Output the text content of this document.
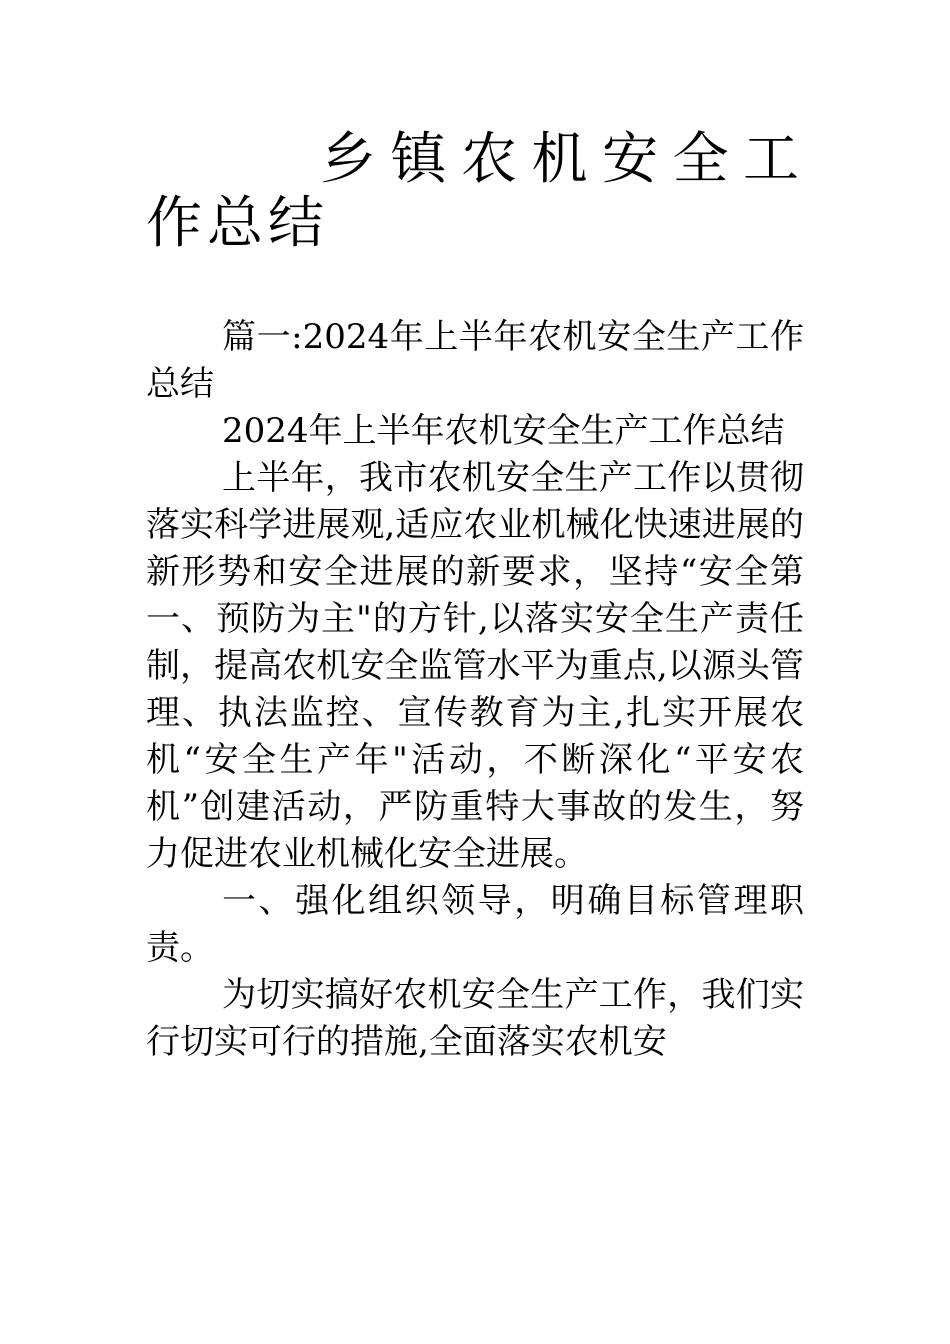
乡镇农机安全工作总结

篇一:2024年上半年农机安全生产工作总结

2024年上半年农机安全生产工作总结

上半年，我市农机安全生产工作以贯彻落实科学进展观,适应农业机械化快速进展的新形势和安全进展的新要求，坚持“安全第一、预防为主"的方针,以落实安全生产责任制，提高农机安全监管水平为重点,以源头管理、执法监控、宣传教育为主,扎实开展农机“安全生产年"活动，不断深化“平安农机”创建活动，严防重特大事故的发生，努力促进农业机械化安全进展。

一、强化组织领导，明确目标管理职责。

为切实搞好农机安全生产工作，我们实行切实可行的措施,全面落实农机安
